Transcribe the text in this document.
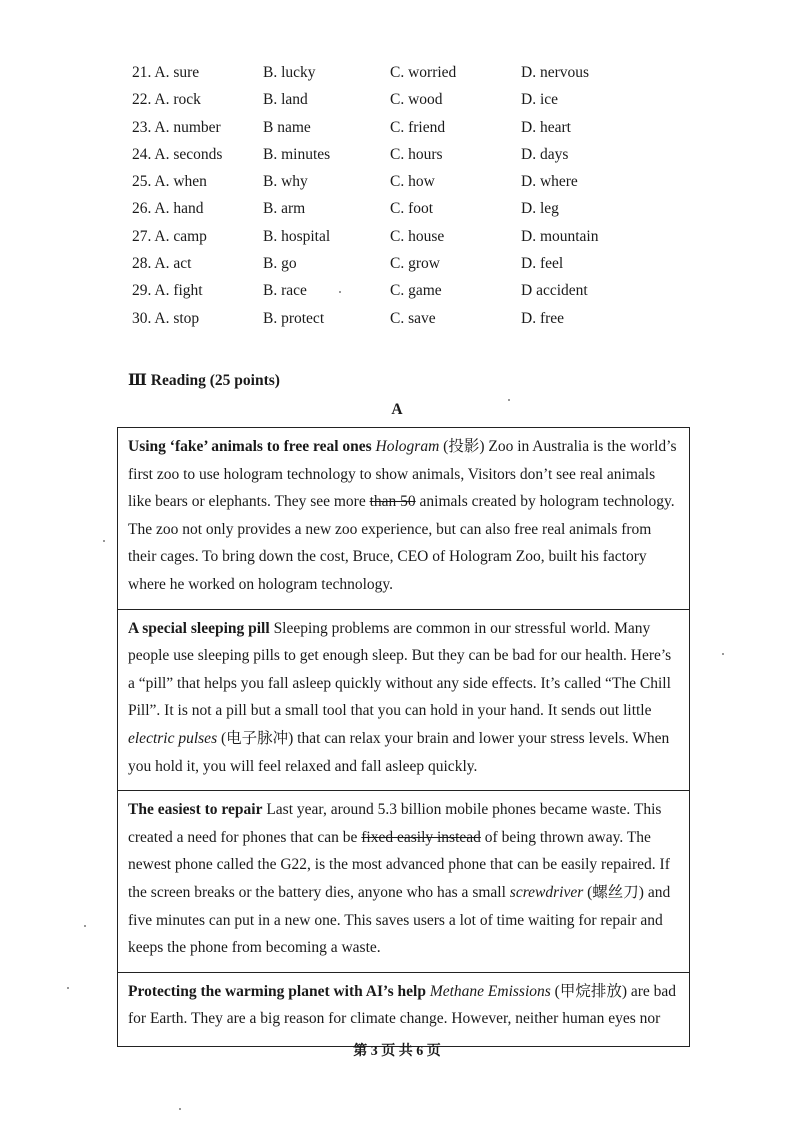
21. A. sure	B. lucky	C. worried	D. nervous
22. A. rock	B. land	C. wood	D. ice
23. A. number	B name	C. friend	D. heart
24. A. seconds	B. minutes	C. hours	D. days
25. A. when	B. why	C. how	D. where
26. A. hand	B. arm	C. foot	D. leg
27. A. camp	B. hospital	C. house	D. mountain
28. A. act	B. go	C. grow	D. feel
29. A. fight	B. race	C. game	D accident
30. A. stop	B. protect	C. save	D. free
Ⅲ Reading (25 points)
A
Using ‘fake’ animals to free real ones Hologram (投影) Zoo in Australia is the world’s first zoo to use hologram technology to show animals, Visitors don’t see real animals like bears or elephants. They see more than 50 animals created by hologram technology. The zoo not only provides a new zoo experience, but can also free real animals from their cages. To bring down the cost, Bruce, CEO of Hologram Zoo, built his factory where he worked on hologram technology.
A special sleeping pill Sleeping problems are common in our stressful world. Many people use sleeping pills to get enough sleep. But they can be bad for our health. Here’s a “pill” that helps you fall asleep quickly without any side effects. It’s called “The Chill Pill”. It is not a pill but a small tool that you can hold in your hand. It sends out little electric pulses (电子脉冲) that can relax your brain and lower your stress levels. When you hold it, you will feel relaxed and fall asleep quickly.
The easiest to repair Last year, around 5.3 billion mobile phones became waste. This created a need for phones that can be fixed easily instead of being thrown away. The newest phone called the G22, is the most advanced phone that can be easily repaired. If the screen breaks or the battery dies, anyone who has a small screwdriver (螺丝刀) and five minutes can put in a new one. This saves users a lot of time waiting for repair and keeps the phone from becoming a waste.
Protecting the warming planet with AI’s help Methane Emissions (甲烷排放) are bad for Earth. They are a big reason for climate change. However, neither human eyes nor
第 3 页 共 6 页
